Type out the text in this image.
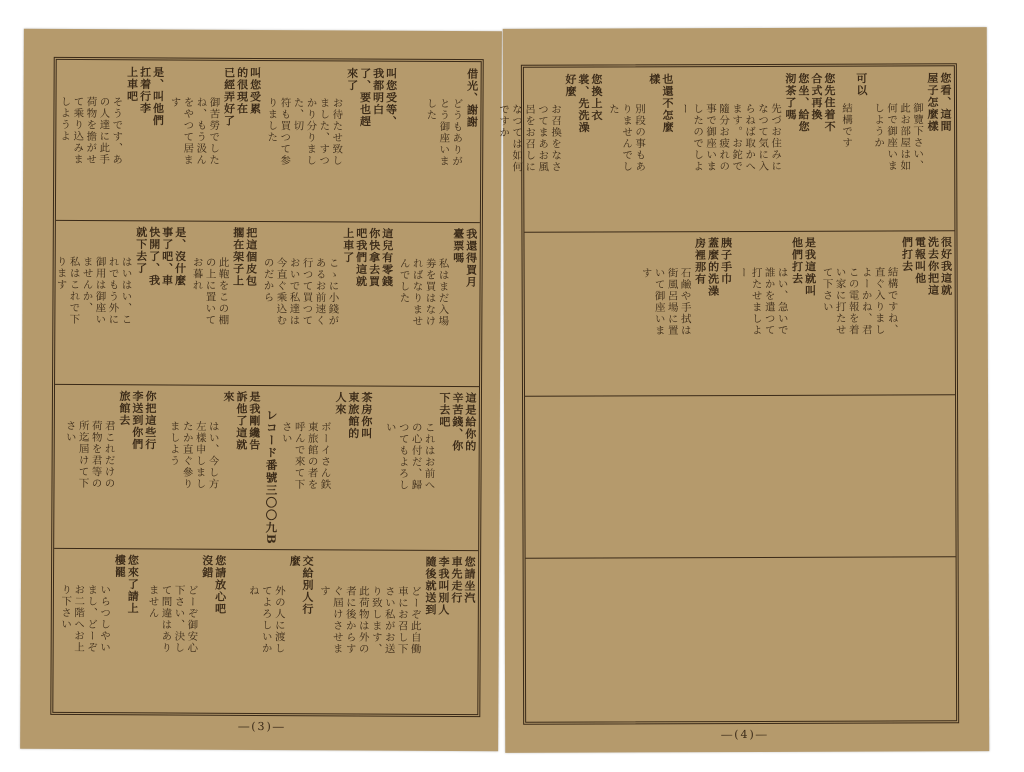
借光、謝謝
どうもありが
とう御座いま
した
叫您受等、
我都明白
了、要也趕
來了
お待たせ致し
ました、すつ
かり分りまし
た、切
符も買つて参
りました
叫您受累
的很現在
已經弄好了
御苦勞でした
ね、もう汲ん
をやつて居ま
す
是、叫他們
扛着行李
上車吧
そうです、あ
の人達に此手
荷物を擔がせ
て乘り込みま
しようよ
我還得買月
臺票嗎
私はまだ入場
劵を買はなけ
ればなりませ
んでした
這兒有零錢
你快拿去買
吧我們這就
上車了
こゝに小錢が
あるお前速く
行つて買つて
おいで私達は
今直ぐ乘込む
のだから
把這個皮包
擱在架子上
此鞄をこの棚
の上に置いて
お暮れ
是、沒什麼
事了吧、車
快開了、我
就下去了
はいはい、こ
れでもう外に
御用は御座い
ませんか、
私はこれで下
ります
這是給你的
辛苦錢、你
下去吧
これはお前へ
の心付だ、歸
つてもよろし
い
茶房你叫
東旅館的
人來
ボーイさん鉄
東旅館の者を
呼んで來て下
さい
レコード番號三〇〇九B
是我剛纔告
訴他了這就
來
はい、今し方
左樣申しまし
たか直ぐ參り
ましよう
你把這些行
李送到你們
旅館去
君これだけの
荷物を君等の
所迄屆けて下
さい
您請坐汽
車先走行
李我叫別人
隨後就送到
どーぞ此自働
車にお召し下
さい私がお送
り致します、
此荷物は外の
者に後からす
ぐ屆けさせま
す
交給別人行
麼
外の人に渡し
てよろしいか
ね
您請放心吧
沒錯
どーぞ御安心
下さい、決し
て間違はあり
ません
您來了請上
樓罷
いらつしやい
まし、どーぞ
お二階へお上
り下さい
―(3)―
您看、這間
屋子怎麼樣
御覽下さい、
此お部屋は如
何で御座いま
しようか
可以
結構です
您先住着不
合式再換
您坐、給您
沏茶了嗎
先づお住みに
なつて気に入
らねば取かへ
ます。お鉈で
隨分お疲れの
事で御座いま
したのでしよ
ー
也還不怎麼
樣
別段の事もあ
りませんでし
た
您換上衣
裳、先洗澡
好麼
お召換をなさ
つてまあお風
呂をお召しに
なつては如何
ですか
很好我這就
洗去你把這
電報叫他
們打去
結構ですね、
直ぐ入りまし
よーかね、君
この電報を着
い家に打たせ
て下さい
是我這就叫
他們打去
はい、急いで
誰かを遣つて
打たせましよ
ー
胰子手巾
蓋麼的洗澡
房裡那有
石鹼や手拭は
街風呂場に置
いて御座いま
す
―(4)―
